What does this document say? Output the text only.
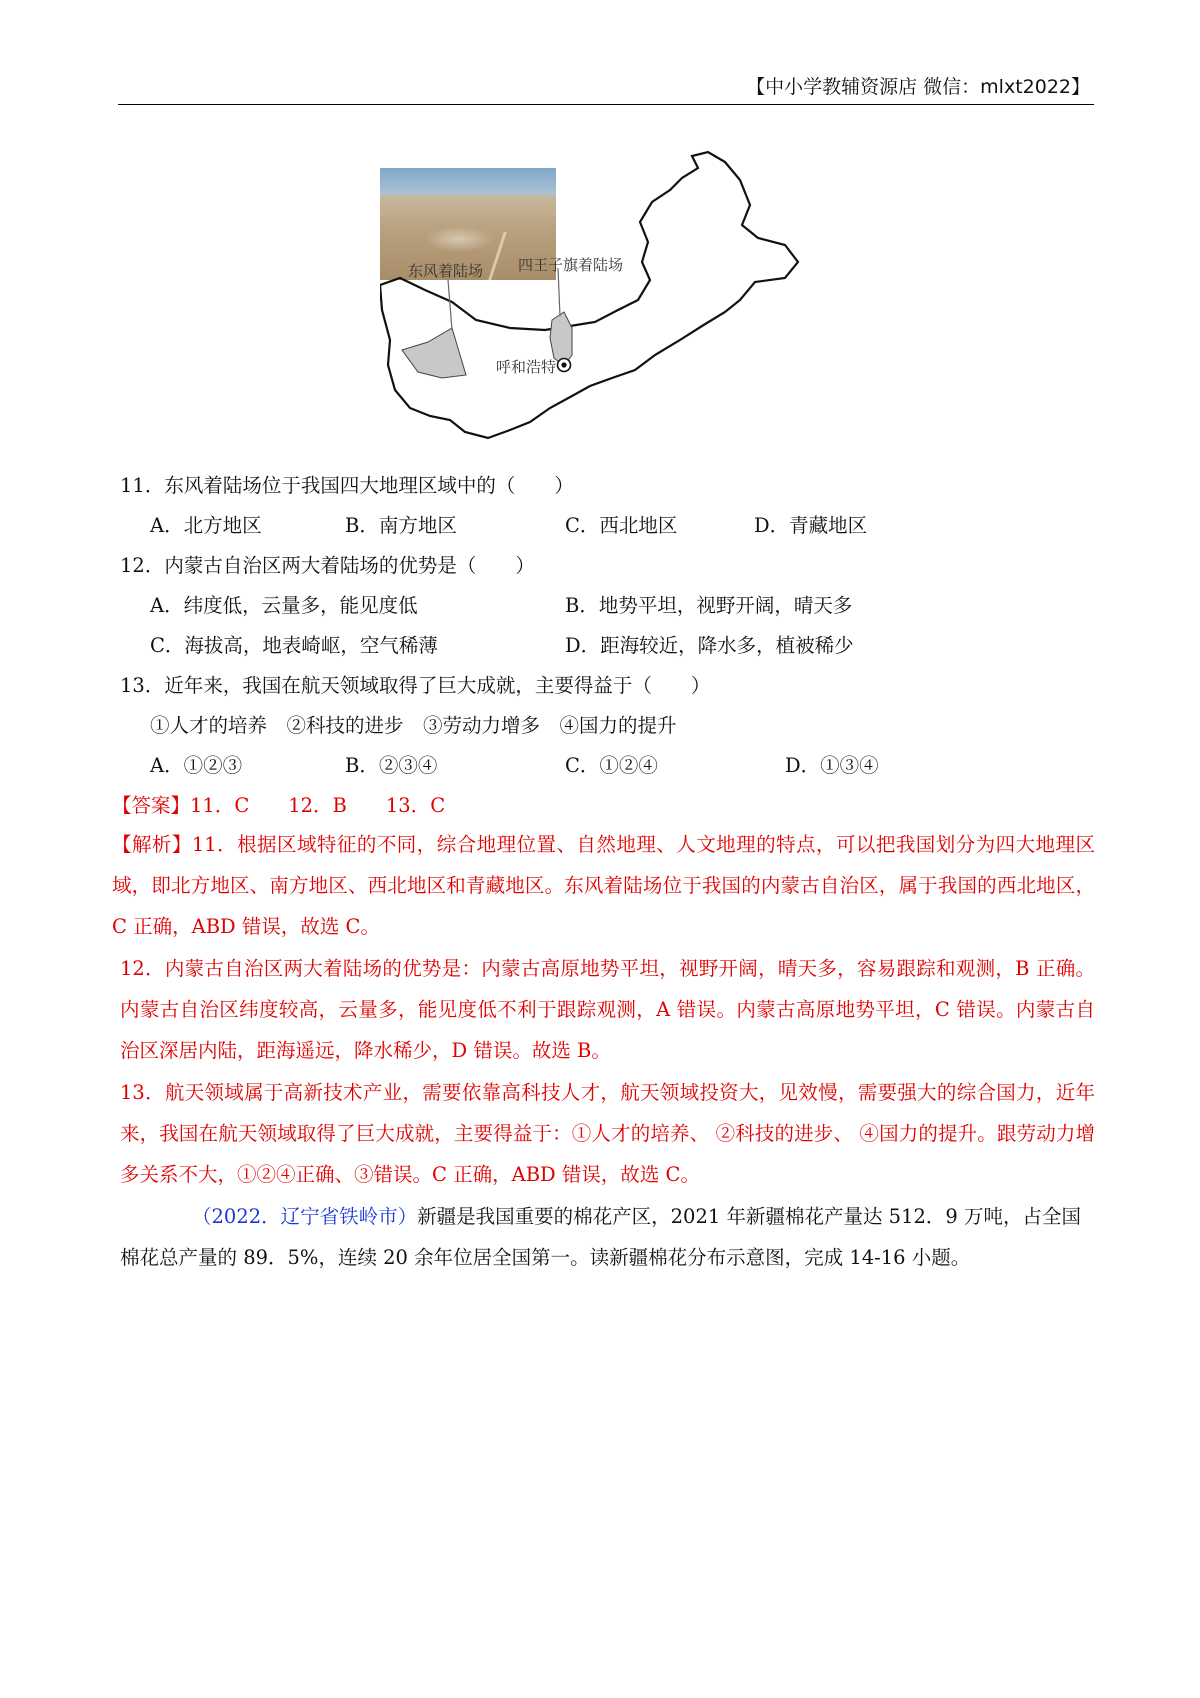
【中小学教辅资源店 微信：mlxt2022】
东风着陆场 四王子旗着陆场
呼和浩特
11．东风着陆场位于我国四大地理区域中的（　　）
A．北方地区	B．南方地区	C．西北地区	D．青藏地区
12．内蒙古自治区两大着陆场的优势是（　　）
A．纬度低，云量多，能见度低	B．地势平坦，视野开阔，晴天多
C．海拔高，地表崎岖，空气稀薄	D．距海较近，降水多，植被稀少
13．近年来，我国在航天领域取得了巨大成就，主要得益于（　　）
①人才的培养　②科技的进步　③劳动力增多　④国力的提升
A．①②③	B．②③④	C．①②④	D．①③④
【答案】11．C　　12．B　　13．C
【解析】11．根据区域特征的不同，综合地理位置、自然地理、人文地理的特点，可以把我国划分为四大地理区域，即北方地区、南方地区、西北地区和青藏地区。东风着陆场位于我国的内蒙古自治区，属于我国的西北地区，C 正确，ABD 错误，故选 C。
12．内蒙古自治区两大着陆场的优势是：内蒙古高原地势平坦，视野开阔，晴天多，容易跟踪和观测，B 正确。内蒙古自治区纬度较高，云量多，能见度低不利于跟踪观测，A 错误。内蒙古高原地势平坦，C 错误。内蒙古自治区深居内陆，距海遥远，降水稀少，D 错误。故选 B。
13．航天领域属于高新技术产业，需要依靠高科技人才，航天领域投资大，见效慢，需要强大的综合国力，近年来，我国在航天领域取得了巨大成就，主要得益于：①人才的培养、 ②科技的进步、 ④国力的提升。跟劳动力增多关系不大，①②④正确、③错误。C 正确，ABD 错误，故选 C。
（2022．辽宁省铁岭市）新疆是我国重要的棉花产区，2021 年新疆棉花产量达 512．9 万吨，占全国棉花总产量的 89．5%，连续 20 余年位居全国第一。读新疆棉花分布示意图，完成 14-16 小题。
